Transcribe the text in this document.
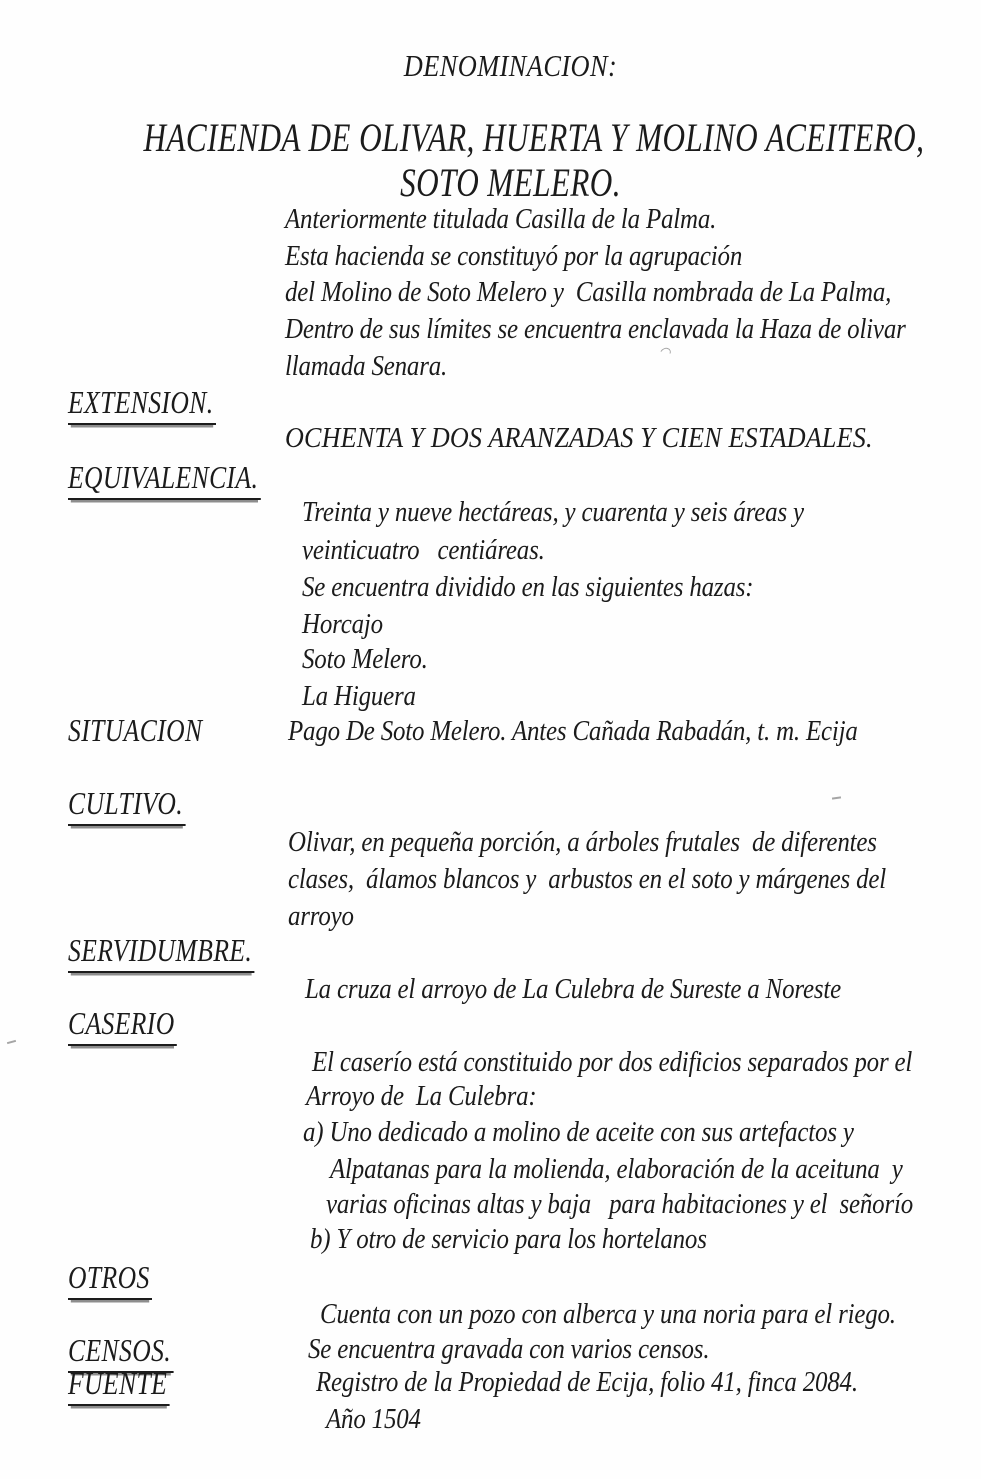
DENOMINACION:
HACIENDA DE OLIVAR, HUERTA Y MOLINO ACEITERO,
SOTO MELERO.
Anteriormente titulada Casilla de la Palma.
Esta hacienda se constituyó por la agrupación
del Molino de Soto Melero y  Casilla nombrada de La Palma,
Dentro de sus límites se encuentra enclavada la Haza de olivar
llamada Senara.
EXTENSION.
OCHENTA Y DOS ARANZADAS Y CIEN ESTADALES.
EQUIVALENCIA.
Treinta y nueve hectáreas, y cuarenta y seis áreas y
veinticuatro   centiáreas.
Se encuentra dividido en las siguientes hazas:
Horcajo
Soto Melero.
La Higuera
SITUACION	Pago De Soto Melero. Antes Cañada Rabadán, t. m. Ecija
CULTIVO.
Olivar, en pequeña porción, a árboles frutales  de diferentes
clases,  álamos blancos y  arbustos en el soto y márgenes del
arroyo
SERVIDUMBRE.
La cruza el arroyo de La Culebra de Sureste a Noreste
CASERIO
El caserío está constituido por dos edificios separados por el
Arroyo de  La Culebra:
a) Uno dedicado a molino de aceite con sus artefactos y
Alpatanas para la molienda, elaboración de la aceituna  y
varias oficinas altas y baja   para habitaciones y el  señorío
b) Y otro de servicio para los hortelanos
OTROS
Cuenta con un pozo con alberca y una noria para el riego.
CENSOS.	Se encuentra gravada con varios censos.
FUENTE	Registro de la Propiedad de Ecija, folio 41, finca 2084.
Año 1504
